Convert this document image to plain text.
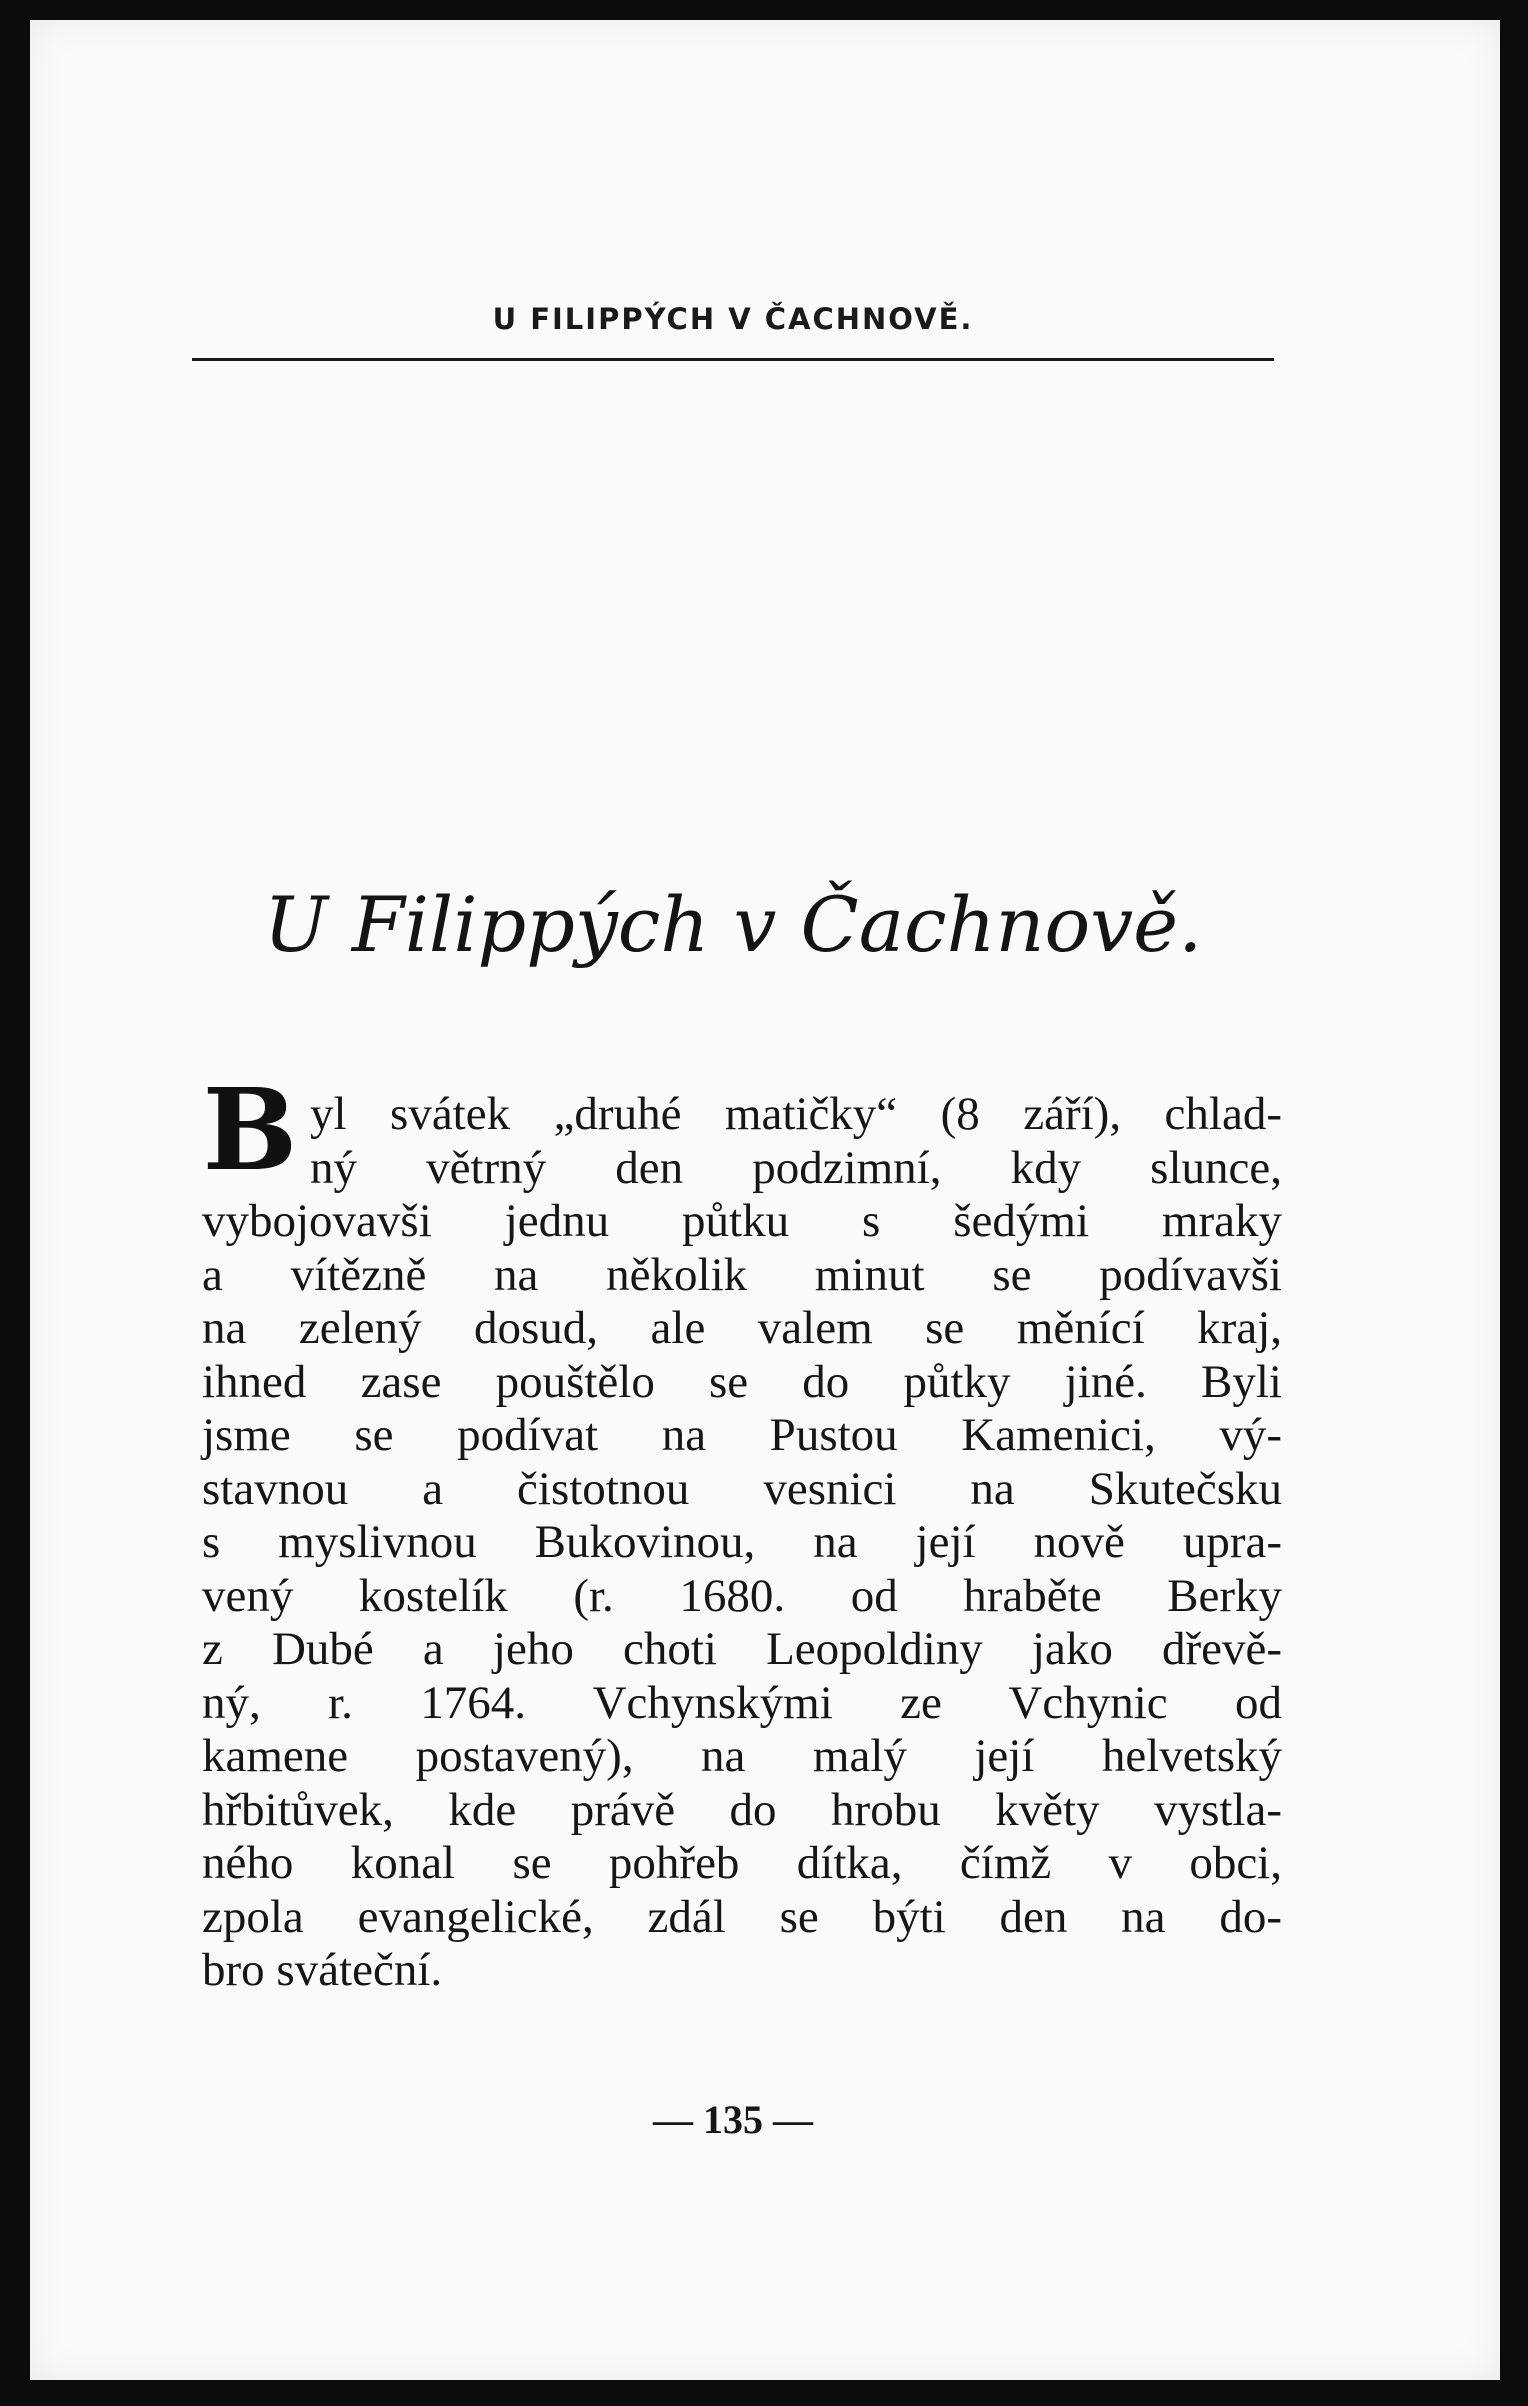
U FILIPPÝCH V ČACHNOVĚ.
U Filippých v Čachnově.
B yl svátek „druhé matičky“ (8 září), chlad-
ný větrný den podzimní, kdy slunce,
vybojovavši jednu půtku s šedými mraky
a vítězně na několik minut se podívavši
na zelený dosud, ale valem se měnící kraj,
ihned zase pouštělo se do půtky jiné. Byli
jsme se podívat na Pustou Kamenici, vý-
stavnou a čistotnou vesnici na Skutečsku
s myslivnou Bukovinou, na její nově upra-
vený kostelík (r. 1680. od hraběte Berky
z Dubé a jeho choti Leopoldiny jako dřevě-
ný, r. 1764. Vchynskými ze Vchynic od
kamene postavený), na malý její helvetský
hřbitůvek, kde právě do hrobu květy vystla-
ného konal se pohřeb dítka, čímž v obci,
zpola evangelické, zdál se býti den na do-
bro sváteční.
— 135 —
